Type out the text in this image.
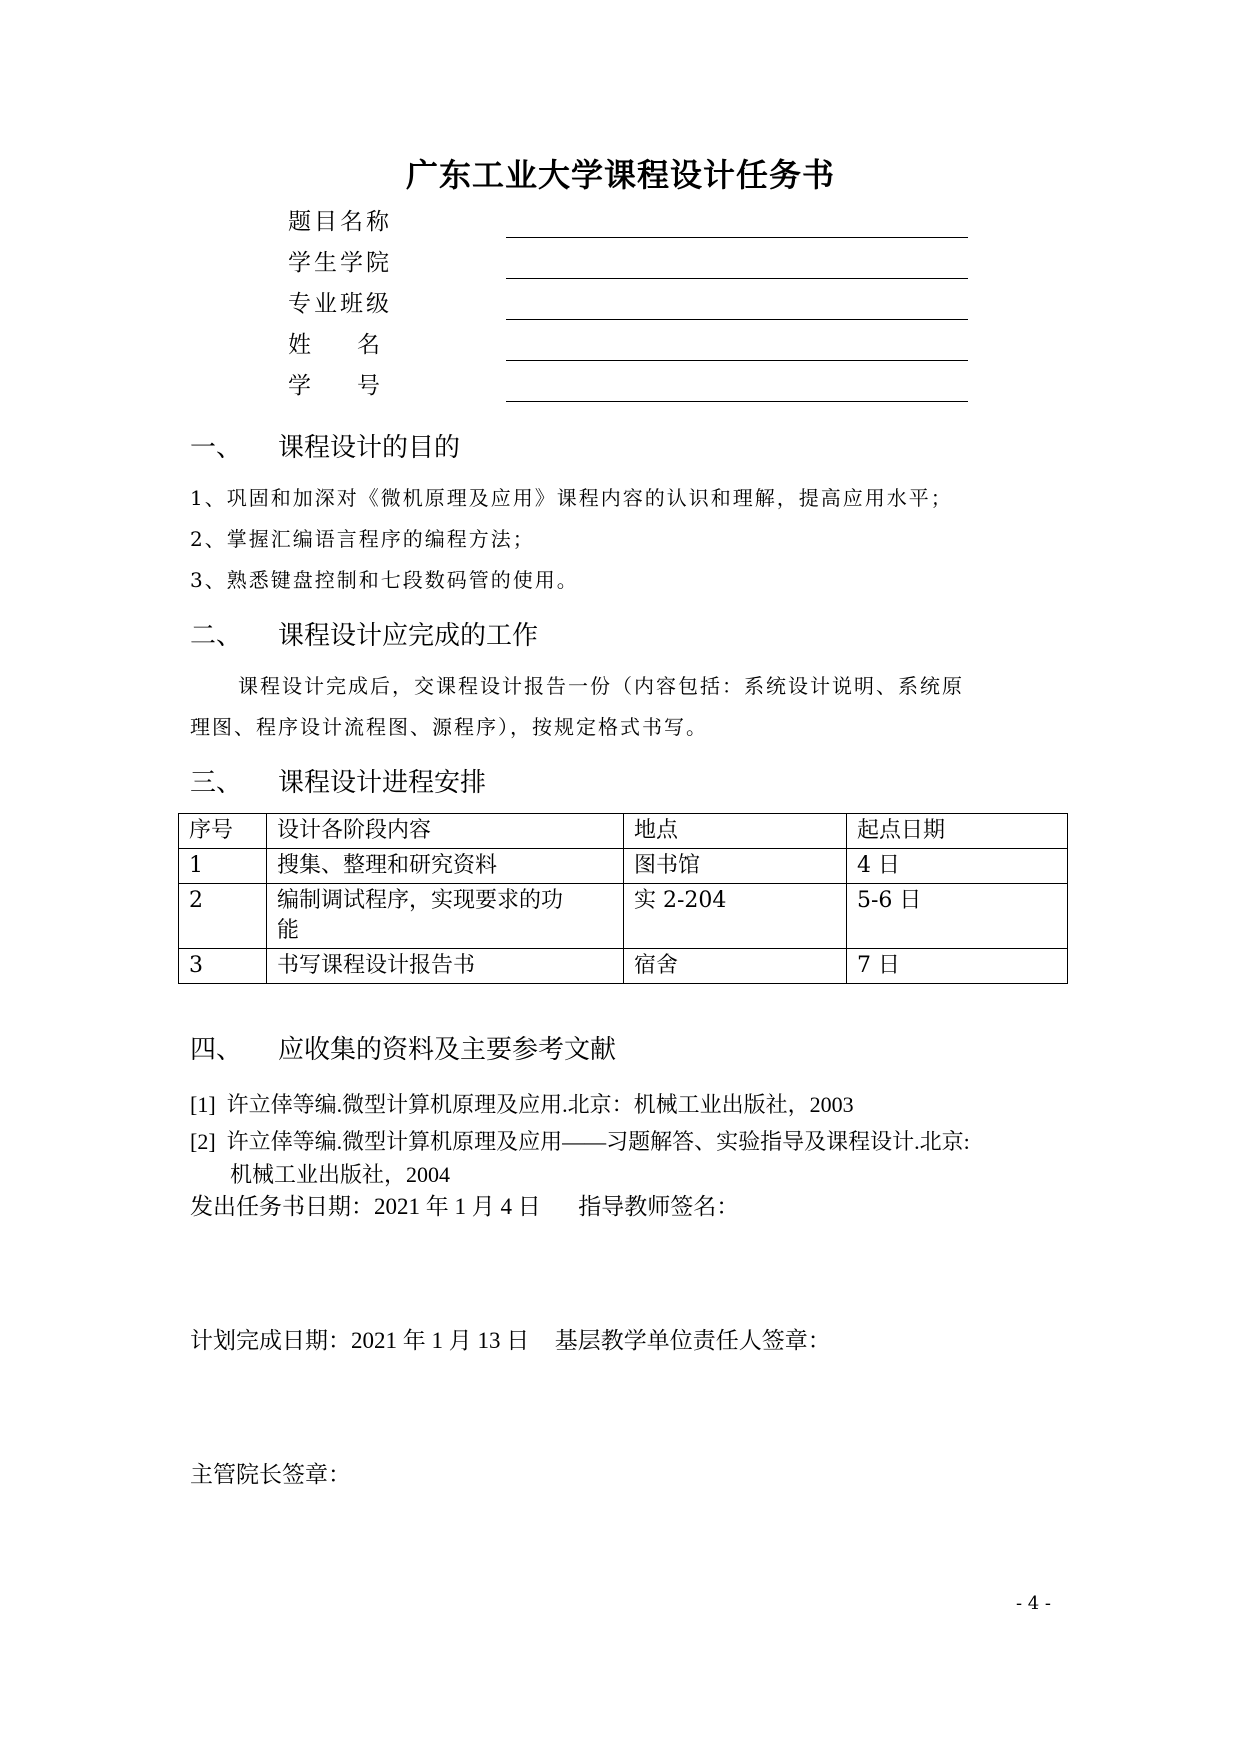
广东工业大学课程设计任务书
题目名称
学生学院
专业班级
姓　　名
学　　号
一、 课程设计的目的
1、巩固和加深对《微机原理及应用》课程内容的认识和理解，提高应用水平；
2、掌握汇编语言程序的编程方法；
3、熟悉键盘控制和七段数码管的使用。
二、 课程设计应完成的工作
课程设计完成后，交课程设计报告一份（内容包括：系统设计说明、系统原
理图、程序设计流程图、源程序），按规定格式书写。
三、 课程设计进程安排
序号	设计各阶段内容	地点	起点日期
1	搜集、整理和研究资料	图书馆	4 日
2	编制调试程序，实现要求的功
能	实 2-204	5-6 日
3	书写课程设计报告书	宿舍	7 日
四、 应收集的资料及主要参考文献
[1] 许立倖等编.微型计算机原理及应用.北京：机械工业出版社，2003
[2] 许立倖等编.微型计算机原理及应用——习题解答、实验指导及课程设计.北京:
机械工业出版社，2004
发出任务书日期：2021 年 1 月 4 日 指导教师签名：
计划完成日期：2021 年 1 月 13 日 基层教学单位责任人签章：
主管院长签章：
- 4 -
